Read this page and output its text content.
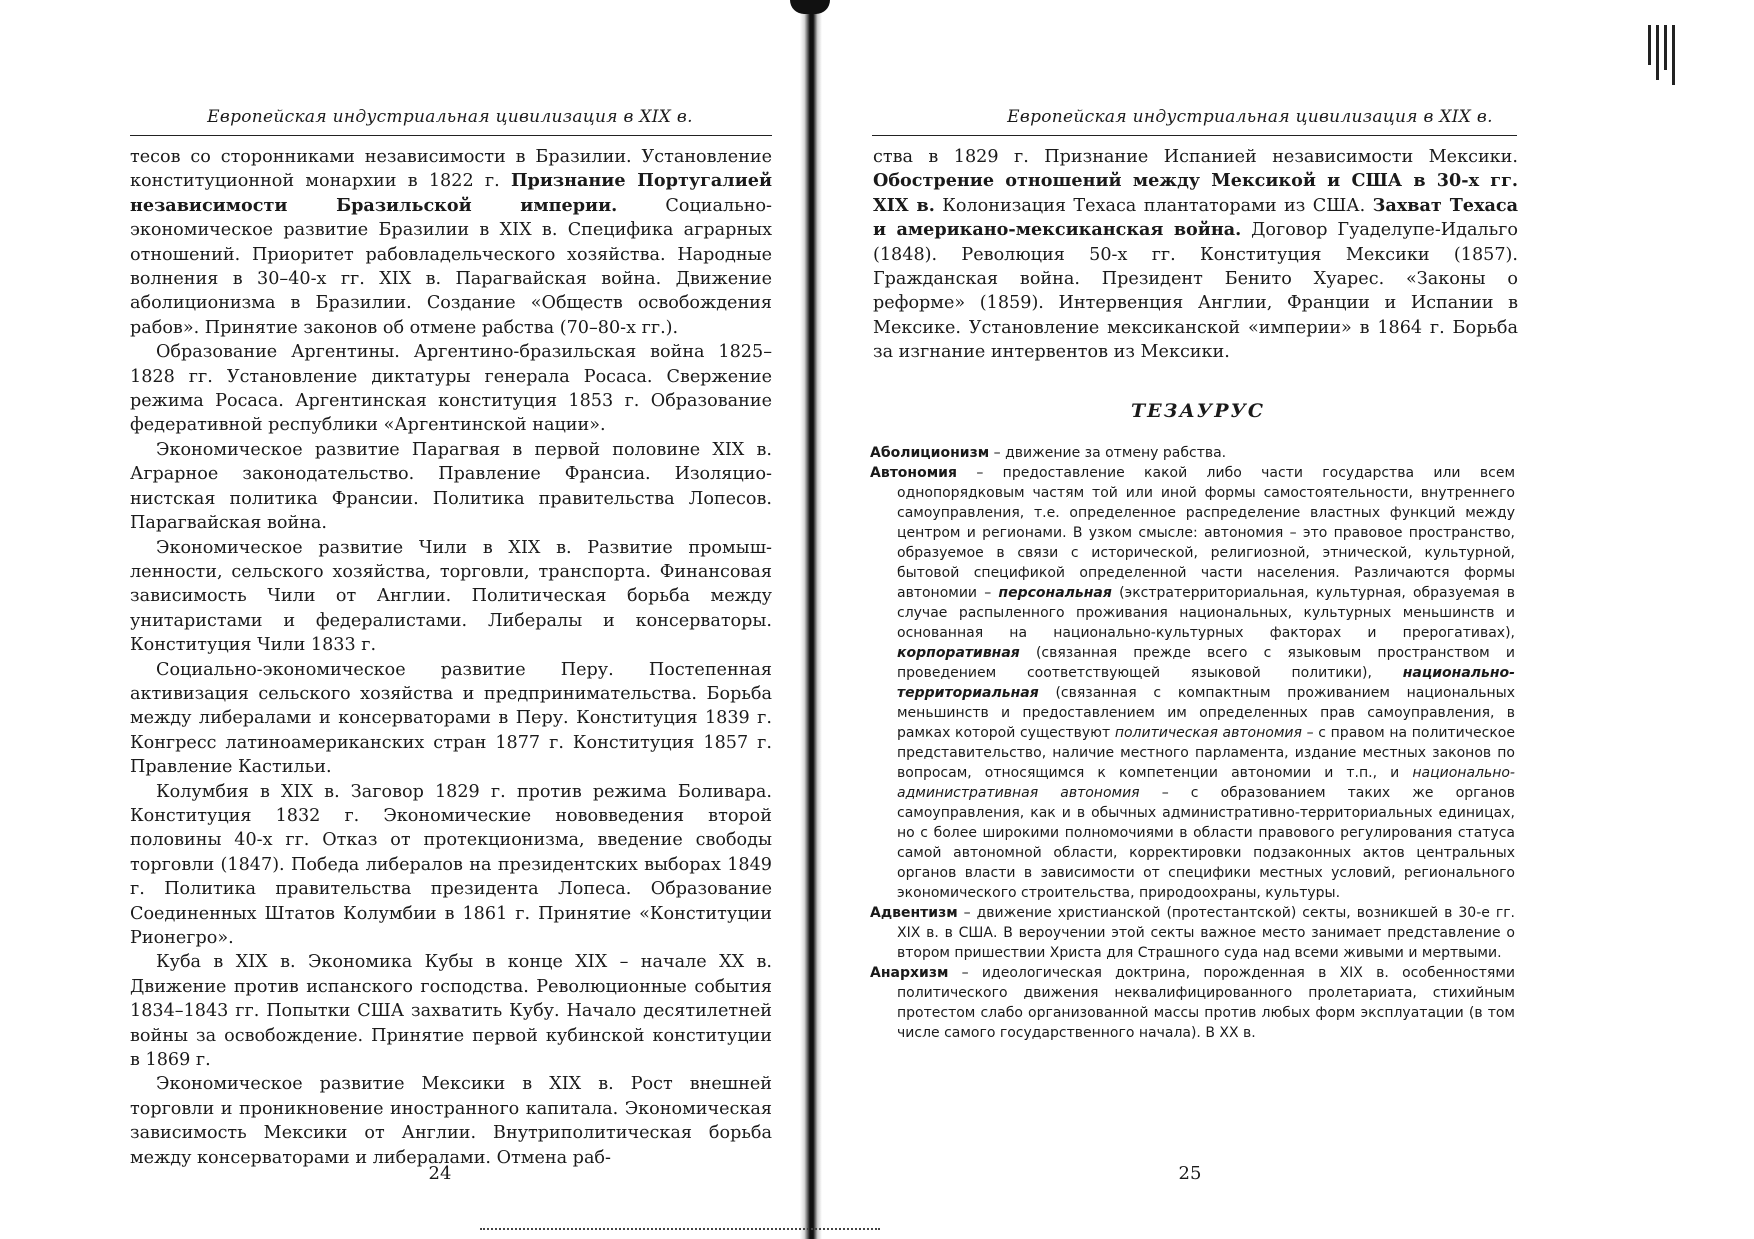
Европейская индустриальная цивилизация в XIX в.

тесов со сторонниками независимости в Бразилии. Установление конституционной монархии в 1822 г. Признание Португалией независимости Бразильской империи. Социально-экономическое развитие Бразилии в XIX в. Специфика аграрных отношений. Приоритет рабовладельческого хозяйства. Народные волнения в 30–40-х гг. XIX в. Парагвайская война. Движение аболиционизма в Бразилии. Создание «Обществ освобождения рабов». Принятие законов об отмене рабства (70–80-х гг.).

Образование Аргентины. Аргентино-бразильская война 1825–1828 гг. Установление диктатуры генерала Росаса. Свержение режима Росаса. Аргентинская конституция 1853 г. Образование федеративной республики «Аргентинской нации».

Экономическое развитие Парагвая в первой половине XIX в. Аграрное законодательство. Правление Франсиа. Изоляционистская политика Франсии. Политика правительства Лопесов. Парагвайская война.

Экономическое развитие Чили в XIX в. Развитие промышленности, сельского хозяйства, торговли, транспорта. Финансовая зависимость Чили от Англии. Политическая борьба между унитаристами и федералистами. Либералы и консерваторы. Конституция Чили 1833 г.

Социально-экономическое развитие Перу. Постепенная активизация сельского хозяйства и предпринимательства. Борьба между либералами и консерваторами в Перу. Конституция 1839 г. Конгресс латиноамериканских стран 1877 г. Конституция 1857 г. Правление Кастильи.

Колумбия в XIX в. Заговор 1829 г. против режима Боливара. Конституция 1832 г. Экономические нововведения второй половины 40-х гг. Отказ от протекционизма, введение свободы торговли (1847). Победа либералов на президентских выборах 1849 г. Политика правительства президента Лопеса. Образование Соединенных Штатов Колумбии в 1861 г. Принятие «Конституции Рионегро».

Куба в XIX в. Экономика Кубы в конце XIX – начале XX в. Движение против испанского господства. Революционные события 1834–1843 гг. Попытки США захватить Кубу. Начало десятилетней войны за освобождение. Принятие первой кубинской конституции в 1869 г.

Экономическое развитие Мексики в XIX в. Рост внешней торговли и проникновение иностранного капитала. Экономическая зависимость Мексики от Англии. Внутриполитическая борьба между консерваторами и либералами. Отмена раб-

24
Европейская индустриальная цивилизация в XIX в.

ства в 1829 г. Признание Испанией независимости Мексики. Обострение отношений между Мексикой и США в 30-х гг. XIX в. Колонизация Техаса плантаторами из США. Захват Техаса и американо-мексиканская война. Договор Гуаделупе-Идальго (1848). Революция 50-х гг. Конституция Мексики (1857). Гражданская война. Президент Бенито Хуарес. «Законы о реформе» (1859). Интервенция Англии, Франции и Испании в Мексике. Установление мексиканской «империи» в 1864 г. Борьба за изгнание интервентов из Мексики.

ТЕЗАУРУС

Аболиционизм – движение за отмену рабства.

Автономия – предоставление какой либо части государства или всем однопорядковым частям той или иной формы самостоятельности, внутреннего самоуправления, т.е. определенное распределение властных функций между центром и регионами. В узком смысле: автономия – это правовое пространство, образуемое в связи с исторической, религиозной, этнической, культурной, бытовой спецификой определенной части населения. Различаются формы автономии – персональная (экстратерриториальная, культурная, образуемая в случае распыленного проживания национальных, культурных меньшинств и основанная на национально-культурных факторах и прерогативах), корпоративная (связанная прежде всего с языковым пространством и проведением соответствующей языковой политики), национально-территориальная (связанная с компактным проживанием национальных меньшинств и предоставлением им определенных прав самоуправления, в рамках которой существуют политическая автономия – с правом на политическое представительство, наличие местного парламента, издание местных законов по вопросам, относящимся к компетенции автономии и т.п., и национально-административная автономия – с образованием таких же органов самоуправления, как и в обычных административно-территориальных единицах, но с более широкими полномочиями в области правового регулирования статуса самой автономной области, корректировки подзаконных актов центральных органов власти в зависимости от специфики местных условий, регионального экономического строительства, природоохраны, культуры.

Адвентизм – движение христианской (протестантской) секты, возникшей в 30-е гг. XIX в. в США. В вероучении этой секты важное место занимает представление о втором пришествии Христа для Страшного суда над всеми живыми и мертвыми.

Анархизм – идеологическая доктрина, порожденная в XIX в. особенностями политического движения неквалифицированного пролетариата, стихийным протестом слабо организованной массы против любых форм эксплуатации (в том числе самого государственного начала). В XX в.

25
